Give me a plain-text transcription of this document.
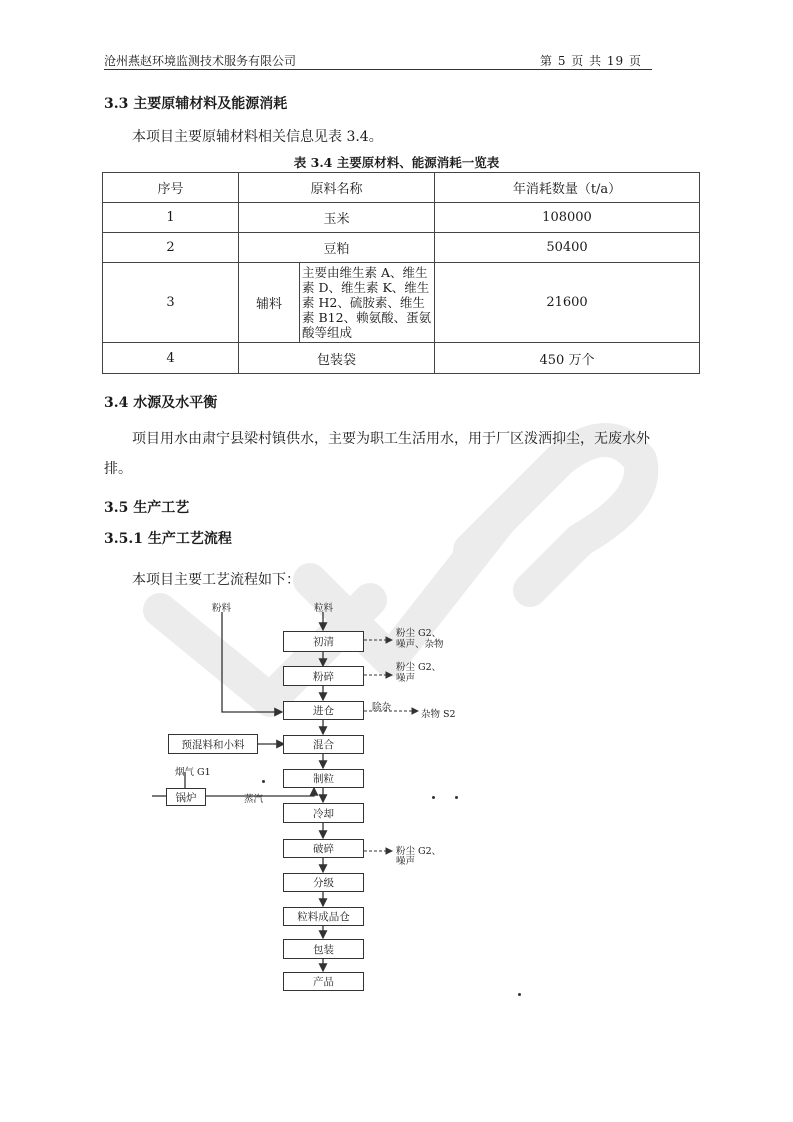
沧州燕赵环境监测技术服务有限公司	第 5 页 共 19 页
3.3 主要原辅材料及能源消耗
本项目主要原辅材料相关信息见表 3.4。
表 3.4 主要原材料、能源消耗一览表
序号	原料名称		年消耗数量（t/a）
1	玉米		108000
2	豆粕		50400
3	辅料	主要由维生素 A、维生素 D、维生素 K、维生素 H2、硫胺素、维生素 B12、赖氨酸、蛋氨酸等组成	21600
4	包装袋		450 万个
3.4 水源及水平衡
项目用水由肃宁县梁村镇供水，主要为职工生活用水，用于厂区泼洒抑尘，无废水外排。
3.5 生产工艺
3.5.1 生产工艺流程
本项目主要工艺流程如下：
粉料	粒料
初清
粉碎
进仓
混合
制粒
冷却
破碎
分级
粒料成品仓
包装
产品
预混料和小料
锅炉
烟气 G1
蒸汽
粉尘 G2、
噪声、杂物
粉尘 G2、
噪声
除杂
杂物 S2
粉尘 G2、
噪声
